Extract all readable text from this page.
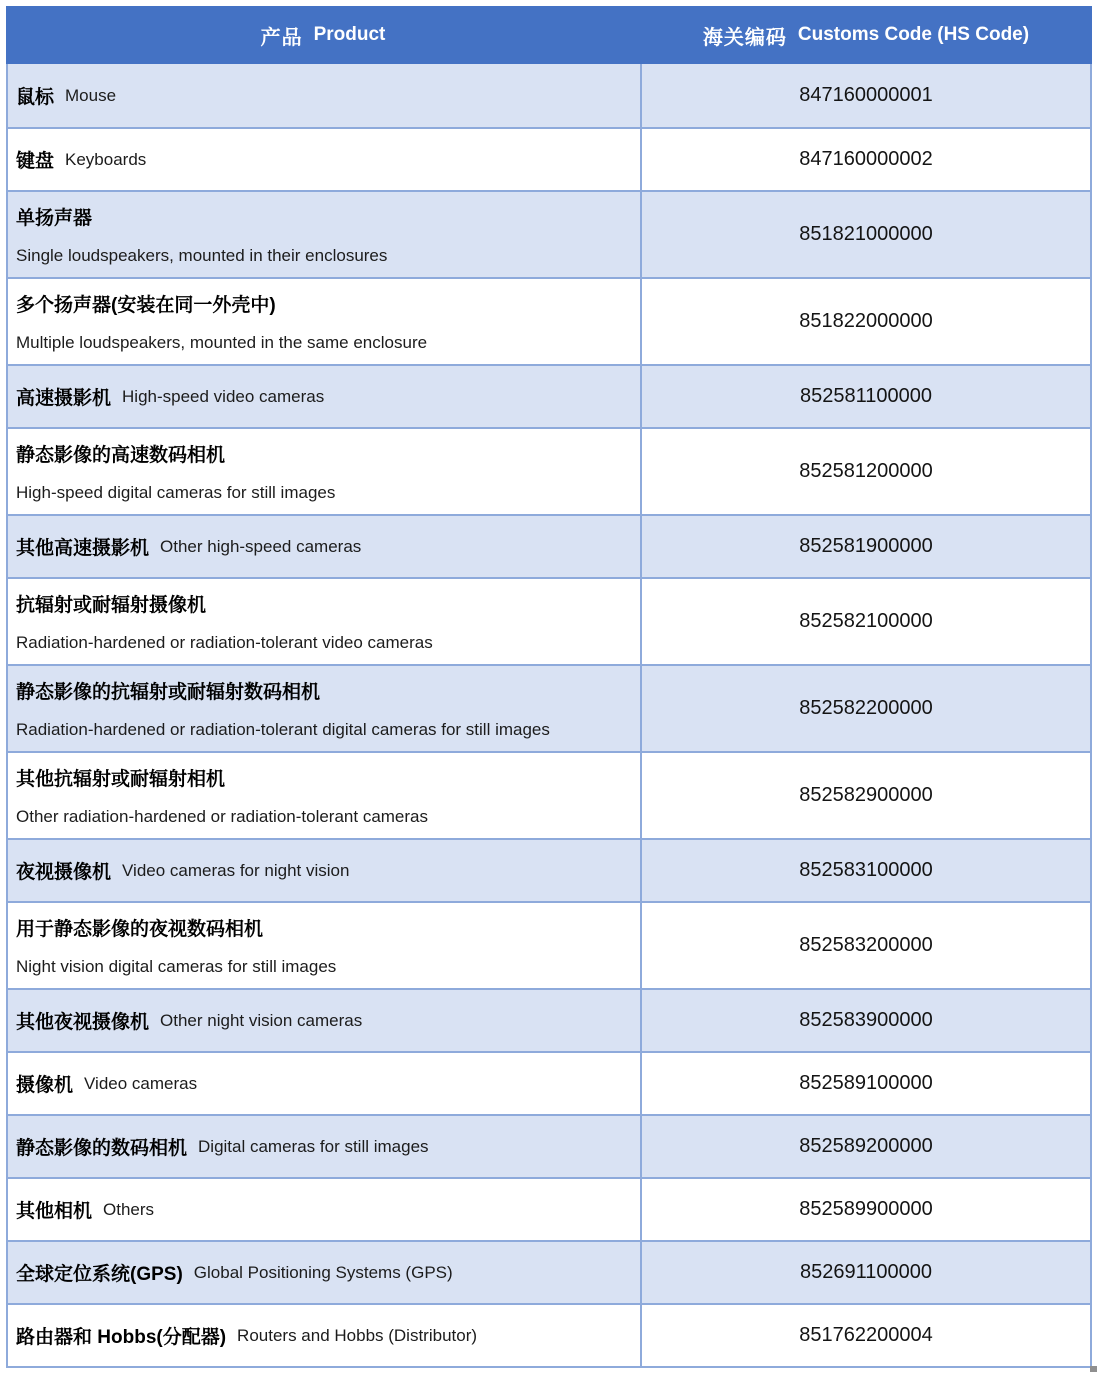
产品 Product	海关编码 Customs Code (HS Code)
鼠标 Mouse	847160000001
键盘 Keyboards	847160000002
单扬声器
Single loudspeakers, mounted in their enclosures
851821000000
多个扬声器(安装在同一外壳中)
Multiple loudspeakers, mounted in the same enclosure
851822000000
高速摄影机 High-speed video cameras	852581100000
静态影像的高速数码相机
High-speed digital cameras for still images
852581200000
其他高速摄影机 Other high-speed cameras	852581900000
抗辐射或耐辐射摄像机
Radiation-hardened or radiation-tolerant video cameras
852582100000
静态影像的抗辐射或耐辐射数码相机
Radiation-hardened or radiation-tolerant digital cameras for still images
852582200000
其他抗辐射或耐辐射相机
Other radiation-hardened or radiation-tolerant cameras
852582900000
夜视摄像机 Video cameras for night vision	852583100000
用于静态影像的夜视数码相机
Night vision digital cameras for still images
852583200000
其他夜视摄像机 Other night vision cameras	852583900000
摄像机 Video cameras	852589100000
静态影像的数码相机 Digital cameras for still images	852589200000
其他相机 Others	852589900000
全球定位系统(GPS) Global Positioning Systems (GPS)	852691100000
路由器和 Hobbs(分配器) Routers and Hobbs (Distributor)	851762200004
